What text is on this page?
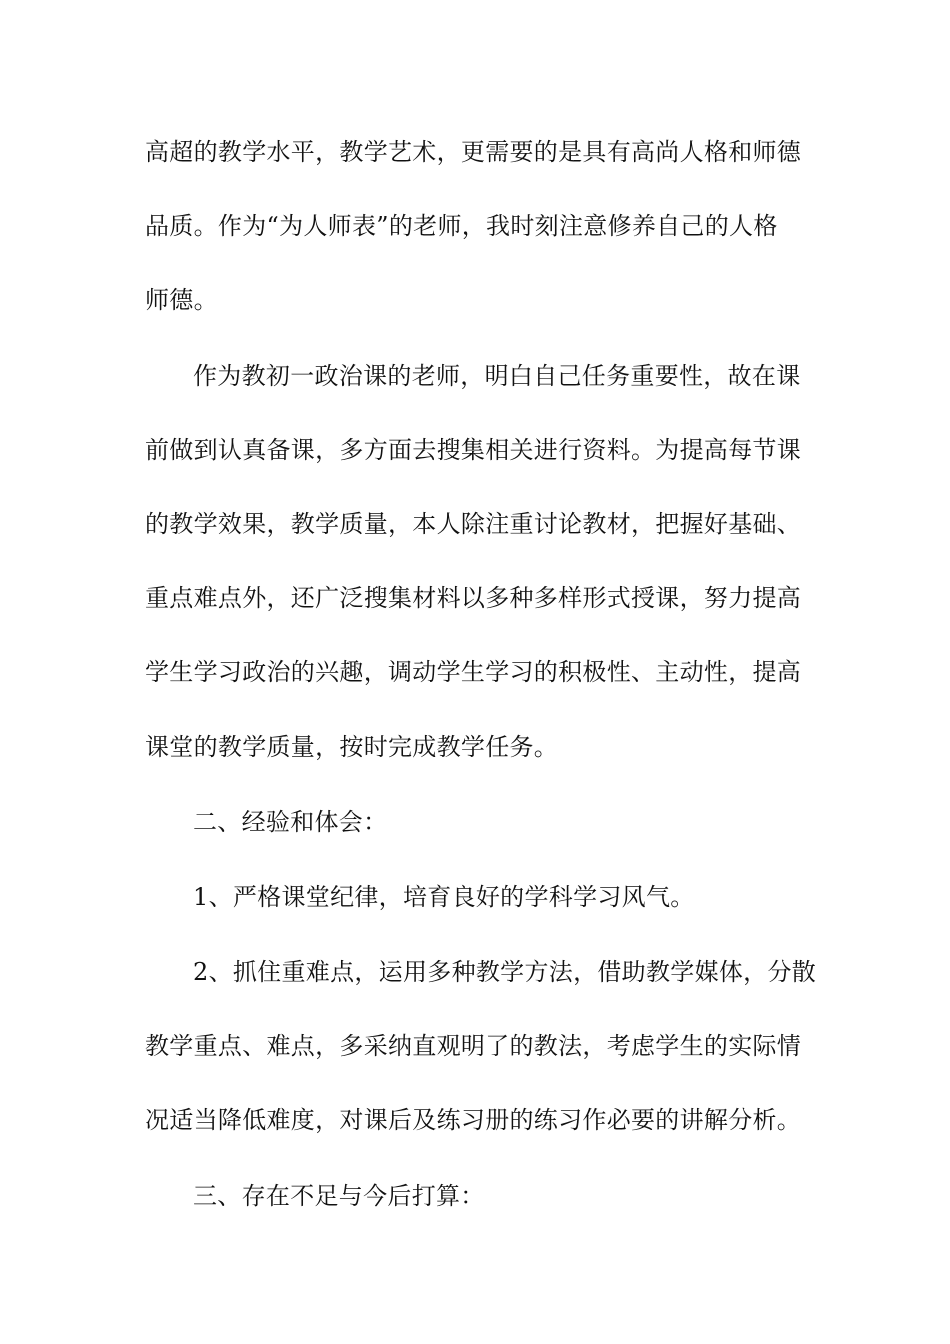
高超的教学水平，教学艺术，更需要的是具有高尚人格和师德
品质。作为“为人师表”的老师，我时刻注意修养自己的人格
师德。
作为教初一政治课的老师，明白自己任务重要性，故在课
前做到认真备课，多方面去搜集相关进行资料。为提高每节课
的教学效果，教学质量，本人除注重讨论教材，把握好基础、
重点难点外，还广泛搜集材料以多种多样形式授课，努力提高
学生学习政治的兴趣，调动学生学习的积极性、主动性，提高
课堂的教学质量，按时完成教学任务。
二、经验和体会：
1、严格课堂纪律，培育良好的学科学习风气。
2、抓住重难点，运用多种教学方法，借助教学媒体，分散
教学重点、难点，多采纳直观明了的教法，考虑学生的实际情
况适当降低难度，对课后及练习册的练习作必要的讲解分析。
三、存在不足与今后打算：
